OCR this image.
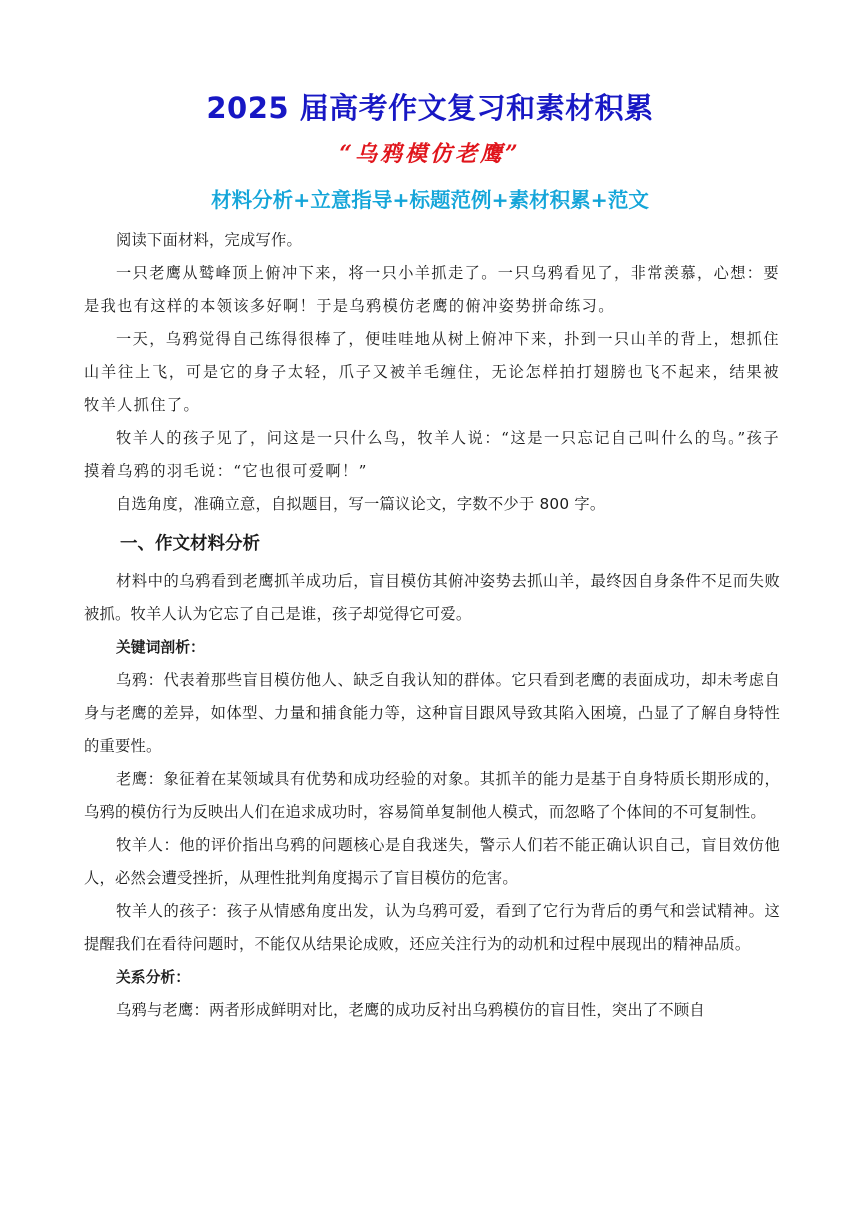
2025 届高考作文复习和素材积累
“乌鸦模仿老鹰”
材料分析+立意指导+标题范例+素材积累+范文

阅读下面材料，完成写作。

一只老鹰从鹫峰顶上俯冲下来，将一只小羊抓走了。一只乌鸦看见了，非常羡慕，心想：要是我也有这样的本领该多好啊！于是乌鸦模仿老鹰的俯冲姿势拼命练习。

一天，乌鸦觉得自己练得很棒了，便哇哇地从树上俯冲下来，扑到一只山羊的背上，想抓住山羊往上飞，可是它的身子太轻，爪子又被羊毛缠住，无论怎样拍打翅膀也飞不起来，结果被牧羊人抓住了。

牧羊人的孩子见了，问这是一只什么鸟，牧羊人说：“这是一只忘记自己叫什么的鸟。”孩子摸着乌鸦的羽毛说：“它也很可爱啊！”

自选角度，准确立意，自拟题目，写一篇议论文，字数不少于 800 字。

一、作文材料分析

材料中的乌鸦看到老鹰抓羊成功后，盲目模仿其俯冲姿势去抓山羊，最终因自身条件不足而失败被抓。牧羊人认为它忘了自己是谁，孩子却觉得它可爱。

关键词剖析：

乌鸦：代表着那些盲目模仿他人、缺乏自我认知的群体。它只看到老鹰的表面成功，却未考虑自身与老鹰的差异，如体型、力量和捕食能力等，这种盲目跟风导致其陷入困境，凸显了了解自身特性的重要性。

老鹰：象征着在某领域具有优势和成功经验的对象。其抓羊的能力是基于自身特质长期形成的，乌鸦的模仿行为反映出人们在追求成功时，容易简单复制他人模式，而忽略了个体间的不可复制性。

牧羊人：他的评价指出乌鸦的问题核心是自我迷失，警示人们若不能正确认识自己，盲目效仿他人，必然会遭受挫折，从理性批判角度揭示了盲目模仿的危害。

牧羊人的孩子：孩子从情感角度出发，认为乌鸦可爱，看到了它行为背后的勇气和尝试精神。这提醒我们在看待问题时，不能仅从结果论成败，还应关注行为的动机和过程中展现出的精神品质。

关系分析：

乌鸦与老鹰：两者形成鲜明对比，老鹰的成功反衬出乌鸦模仿的盲目性，突出了不顾自
